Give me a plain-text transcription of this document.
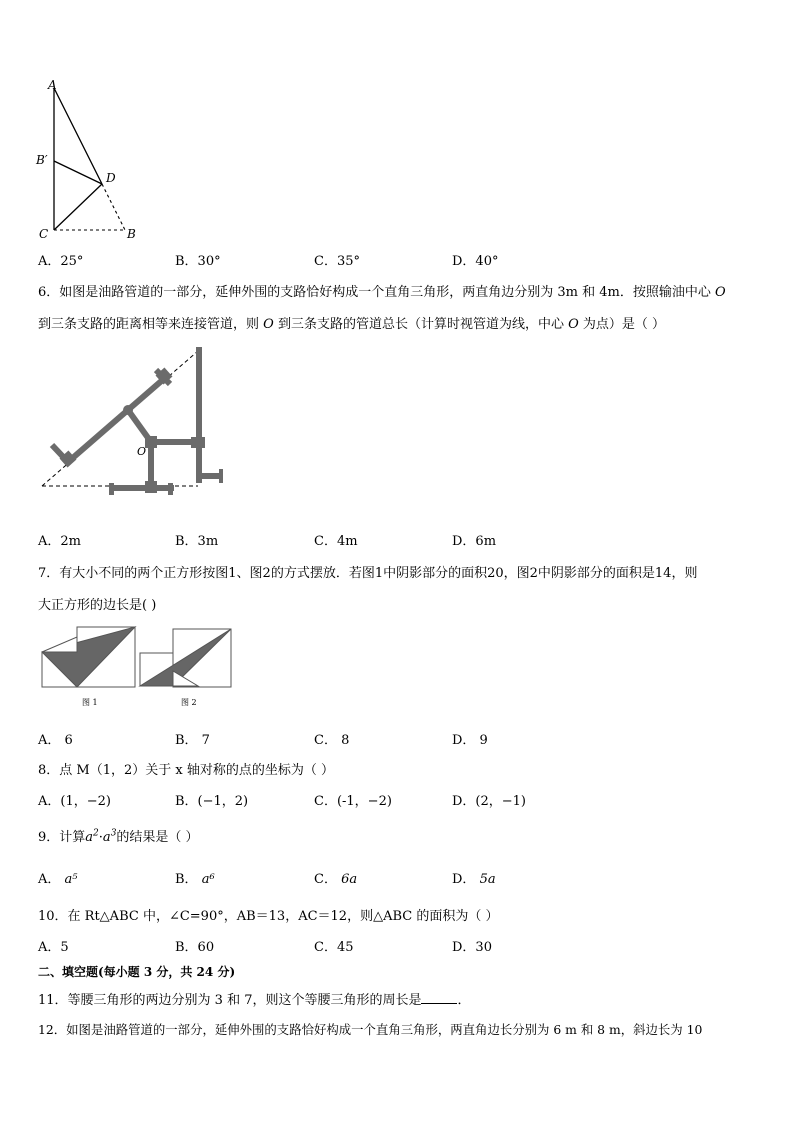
A
B′
C
D
B
A．25°	B．30°	C．35°	D．40°
6．如图是油路管道的一部分，延伸外围的支路恰好构成一个直角三角形，两直角边分别为 3m 和 4m．按照输油中心 O
到三条支路的距离相等来连接管道，则 O 到三条支路的管道总长（计算时视管道为线，中心 O 为点）是（ ）
O
A．2m	B．3m	C．4m	D．6m
7．有大小不同的两个正方形按图1、图2的方式摆放．若图1中阴影部分的面积20，图2中阴影部分的面积是14，则
大正方形的边长是( )
图 1	图 2
A． 6	B． 7	C． 8	D． 9
8．点 M（1，2）关于 x 轴对称的点的坐标为（ ）
A．(1，−2)	B．(−1，2)	C．(-1，−2)	D．(2，−1)
9．计算$a^2\cdot a^3$的结果是（ ）
A． a⁵	B． a⁶	C． 6a	D． 5a
10．在 Rt△ABC 中，∠C=90°，AB＝13，AC＝12，则△ABC 的面积为（ ）
A．5	B．60	C．45	D．30
二、填空题(每小题 3 分，共 24 分)
11．等腰三角形的两边分别为 3 和 7，则这个等腰三角形的周长是	．
12．如图是油路管道的一部分，延伸外围的支路恰好构成一个直角三角形，两直角边长分别为 6 m 和 8 m，斜边长为 10
